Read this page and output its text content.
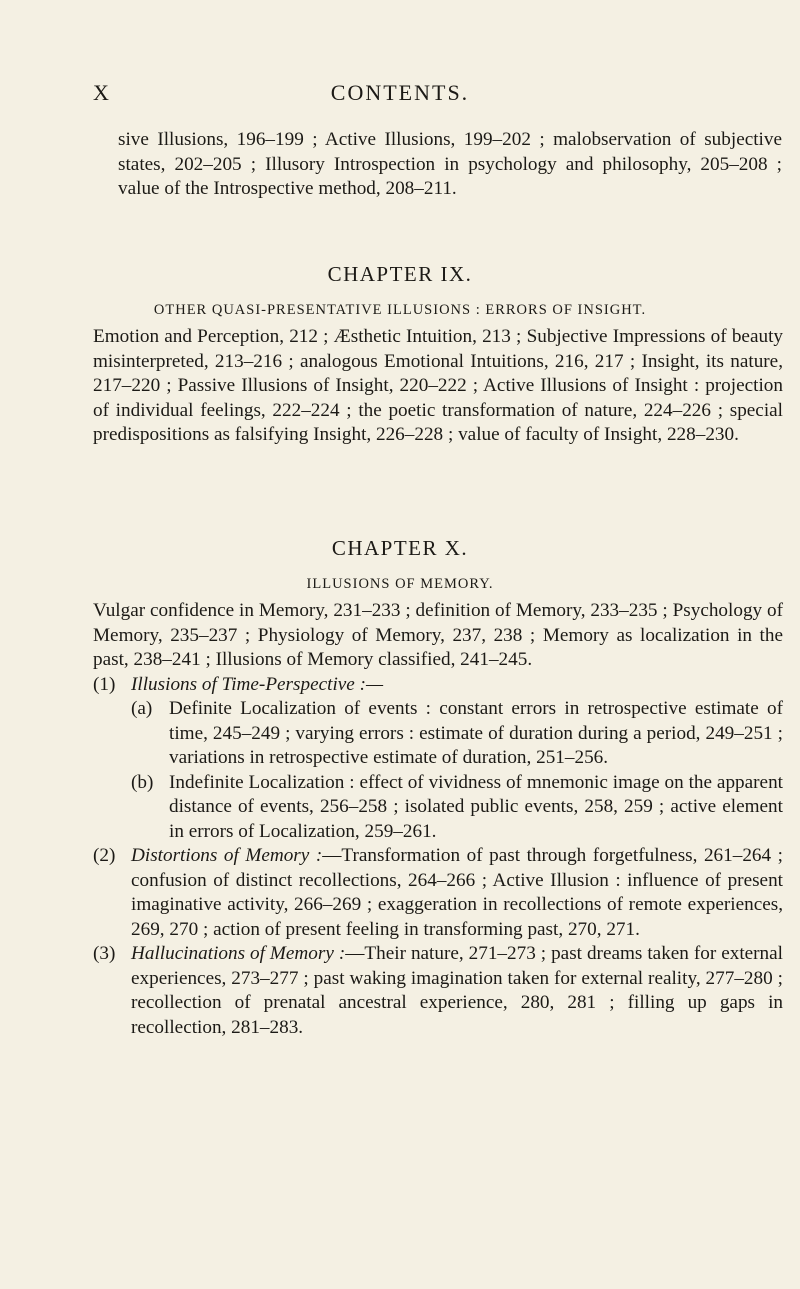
X	CONTENTS.

sive Illusions, 196–199 ; Active Illusions, 199–202 ; malobservation of subjective states, 202–205 ; Illusory Introspection in psychology and philosophy, 205–208 ; value of the Introspective method, 208–211.

CHAPTER IX.
OTHER QUASI-PRESENTATIVE ILLUSIONS : ERRORS OF INSIGHT.

Emotion and Perception, 212 ; Æsthetic Intuition, 213 ; Subjective Impressions of beauty misinterpreted, 213–216 ; analogous Emotional Intuitions, 216, 217 ; Insight, its nature, 217–220 ; Passive Illusions of Insight, 220–222 ; Active Illusions of Insight : projection of individual feelings, 222–224 ; the poetic transformation of nature, 224–226 ; special predispositions as falsifying Insight, 226–228 ; value of faculty of Insight, 228–230.

CHAPTER X.
ILLUSIONS OF MEMORY.

Vulgar confidence in Memory, 231–233 ; definition of Memory, 233–235 ; Psychology of Memory, 235–237 ; Physiology of Memory, 237, 238 ; Memory as localization in the past, 238–241 ; Illusions of Memory classified, 241–245.

(1) Illusions of Time-Perspective :—
(a) Definite Localization of events : constant errors in retrospective estimate of time, 245–249 ; varying errors : estimate of duration during a period, 249–251 ; variations in retrospective estimate of duration, 251–256.
(b) Indefinite Localization : effect of vividness of mnemonic image on the apparent distance of events, 256–258 ; isolated public events, 258, 259 ; active element in errors of Localization, 259–261.
(2) Distortions of Memory :—Transformation of past through forgetfulness, 261–264 ; confusion of distinct recollections, 264–266 ; Active Illusion : influence of present imaginative activity, 266–269 ; exaggeration in recollections of remote experiences, 269, 270 ; action of present feeling in transforming past, 270, 271.
(3) Hallucinations of Memory :—Their nature, 271–273 ; past dreams taken for external experiences, 273–277 ; past waking imagination taken for external reality, 277–280 ; recollection of prenatal ancestral experience, 280, 281 ; filling up gaps in recollection, 281–283.
